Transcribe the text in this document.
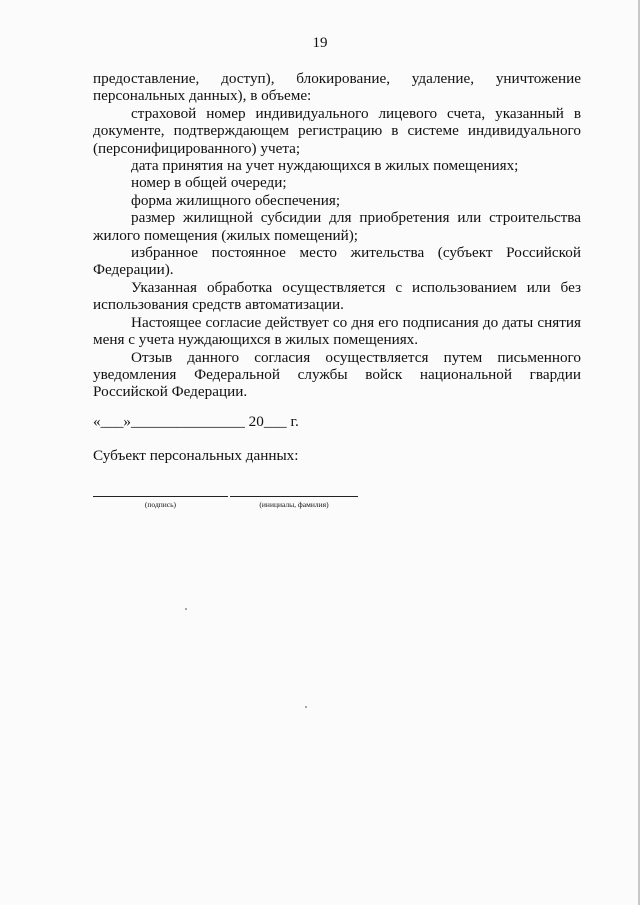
19

предоставление, доступ), блокирование, удаление, уничтожение персональных данных), в объеме:

страховой номер индивидуального лицевого счета, указанный в документе, подтверждающем регистрацию в системе индивидуального (персонифицированного) учета;

дата принятия на учет нуждающихся в жилых помещениях;

номер в общей очереди;

форма жилищного обеспечения;

размер жилищной субсидии для приобретения или строительства жилого помещения (жилых помещений);

избранное постоянное место жительства (субъект Российской Федерации).

Указанная обработка осуществляется с использованием или без использования средств автоматизации.

Настоящее согласие действует со дня его подписания до даты снятия меня с учета нуждающихся в жилых помещениях.

Отзыв данного согласия осуществляется путем письменного уведомления Федеральной службы войск национальной гвардии Российской Федерации.

«___»_______________ 20___ г.
Субъект персональных данных:
(подпись)	(инициалы, фамилия)
